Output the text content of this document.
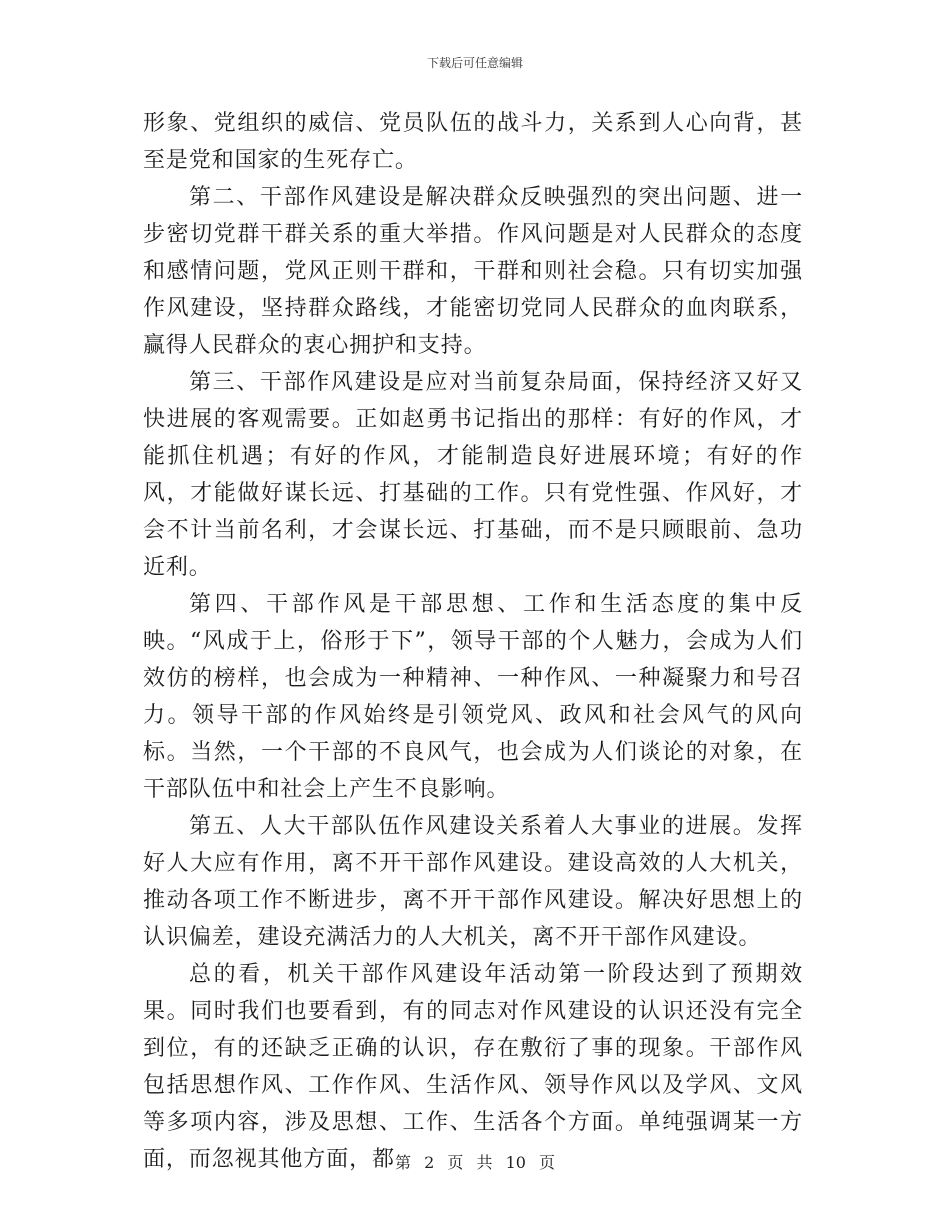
下载后可任意编辑

形象、党组织的威信、党员队伍的战斗力，关系到人心向背，甚至是党和国家的生死存亡。

第二、干部作风建设是解决群众反映强烈的突出问题、进一步密切党群干群关系的重大举措。作风问题是对人民群众的态度和感情问题，党风正则干群和，干群和则社会稳。只有切实加强作风建设，坚持群众路线，才能密切党同人民群众的血肉联系，赢得人民群众的衷心拥护和支持。

第三、干部作风建设是应对当前复杂局面，保持经济又好又快进展的客观需要。正如赵勇书记指出的那样：有好的作风，才能抓住机遇；有好的作风，才能制造良好进展环境；有好的作风，才能做好谋长远、打基础的工作。只有党性强、作风好，才会不计当前名利，才会谋长远、打基础，而不是只顾眼前、急功近利。

第四、干部作风是干部思想、工作和生活态度的集中反映。“风成于上，俗形于下”，领导干部的个人魅力，会成为人们效仿的榜样，也会成为一种精神、一种作风、一种凝聚力和号召力。领导干部的作风始终是引领党风、政风和社会风气的风向标。当然，一个干部的不良风气，也会成为人们谈论的对象，在干部队伍中和社会上产生不良影响。

第五、人大干部队伍作风建设关系着人大事业的进展。发挥好人大应有作用，离不开干部作风建设。建设高效的人大机关，推动各项工作不断进步，离不开干部作风建设。解决好思想上的认识偏差，建设充满活力的人大机关，离不开干部作风建设。

总的看，机关干部作风建设年活动第一阶段达到了预期效果。同时我们也要看到，有的同志对作风建设的认识还没有完全到位，有的还缺乏正确的认识，存在敷衍了事的现象。干部作风包括思想作风、工作作风、生活作风、领导作风以及学风、文风等多项内容，涉及思想、工作、生活各个方面。单纯强调某一方面，而忽视其他方面，都 第 2 页 共 10 页
